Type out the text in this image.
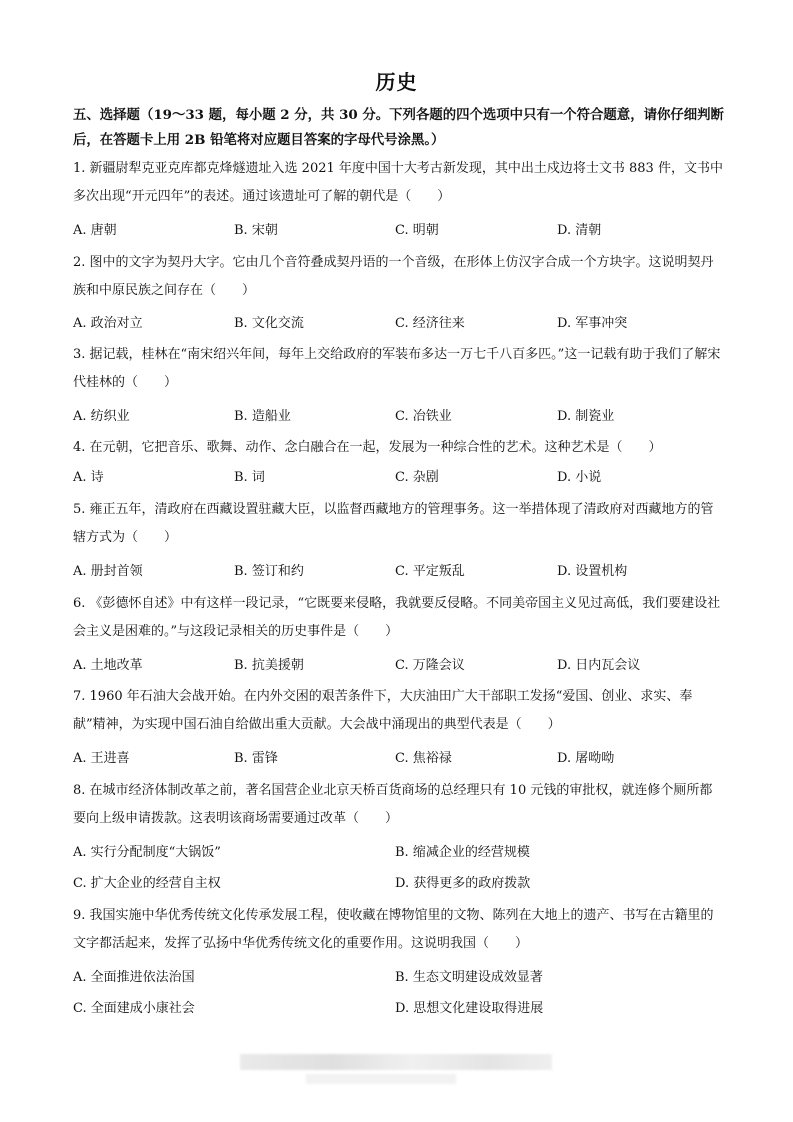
历史
五、选择题（19～33 题，每小题 2 分，共 30 分。下列各题的四个选项中只有一个符合题意，请你仔细判断后，在答题卡上用 2B 铅笔将对应题目答案的字母代号涂黑。）
1. 新疆尉犁克亚克库都克烽燧遗址入选 2021 年度中国十大考古新发现，其中出土戍边将士文书 883 件，文书中多次出现“开元四年”的表述。通过该遗址可了解的朝代是（　　）
A. 唐朝	B. 宋朝	C. 明朝	D. 清朝
2. 图中的文字为契丹大字。它由几个音符叠成契丹语的一个音级，在形体上仿汉字合成一个方块字。这说明契丹族和中原民族之间存在（　　）
A. 政治对立	B. 文化交流	C. 经济往来	D. 军事冲突
3. 据记载，桂林在“南宋绍兴年间，每年上交给政府的军装布多达一万七千八百多匹。”这一记载有助于我们了解宋代桂林的（　　）
A. 纺织业	B. 造船业	C. 冶铁业	D. 制瓷业
4. 在元朝，它把音乐、歌舞、动作、念白融合在一起，发展为一种综合性的艺术。这种艺术是（　　）
A. 诗	B. 词	C. 杂剧	D. 小说
5. 雍正五年，清政府在西藏设置驻藏大臣，以监督西藏地方的管理事务。这一举措体现了清政府对西藏地方的管辖方式为（　　）
A. 册封首领	B. 签订和约	C. 平定叛乱	D. 设置机构
6. 《彭德怀自述》中有这样一段记录，“它既要来侵略，我就要反侵略。不同美帝国主义见过高低，我们要建设社会主义是困难的。”与这段记录相关的历史事件是（　　）
A. 土地改革	B. 抗美援朝	C. 万隆会议	D. 日内瓦会议
7. 1960 年石油大会战开始。在内外交困的艰苦条件下，大庆油田广大干部职工发扬“爱国、创业、求实、奉献”精神，为实现中国石油自给做出重大贡献。大会战中涌现出的典型代表是（　　）
A. 王进喜	B. 雷锋	C. 焦裕禄	D. 屠呦呦
8. 在城市经济体制改革之前，著名国营企业北京天桥百货商场的总经理只有 10 元钱的审批权，就连修个厕所都要向上级申请拨款。这表明该商场需要通过改革（　　）
A. 实行分配制度“大锅饭”	B. 缩减企业的经营规模
C. 扩大企业的经营自主权	D. 获得更多的政府拨款
9. 我国实施中华优秀传统文化传承发展工程，使收藏在博物馆里的文物、陈列在大地上的遗产、书写在古籍里的文字都活起来，发挥了弘扬中华优秀传统文化的重要作用。这说明我国（　　）
A. 全面推进依法治国	B. 生态文明建设成效显著
C. 全面建成小康社会	D. 思想文化建设取得进展
